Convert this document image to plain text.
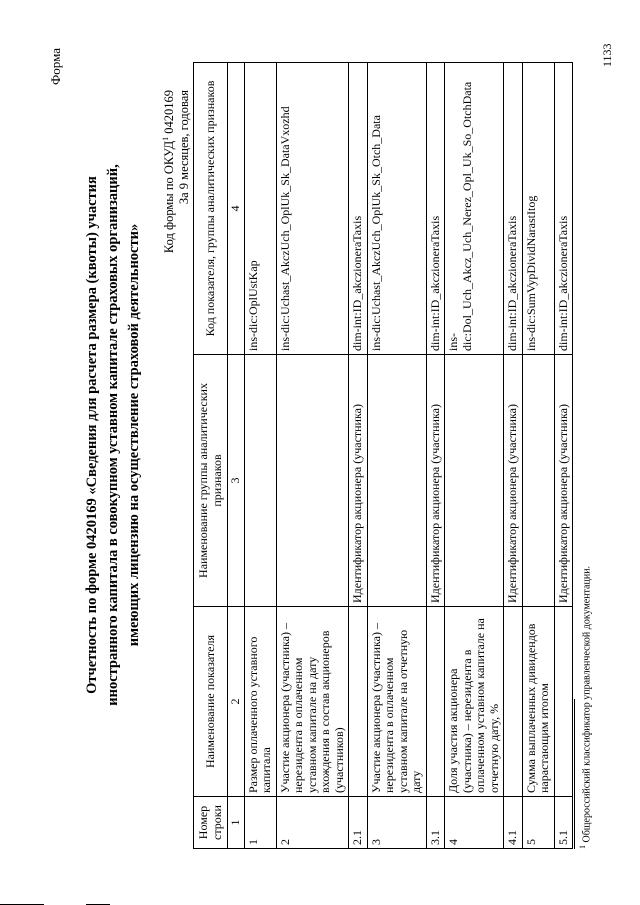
Форма
Отчетность по форме 0420169 «Сведения для расчета размера (квоты) участия иностранного капитала в совокупном уставном капитале страховых организаций, имеющих лицензию на осуществление страховой деятельности»
Код формы по ОКУД$^1$ 0420169 За 9 месяцев, годовая
Номер строки	Наименование показателя	Наименование группы аналитических признаков	Код показателя, группы аналитических признаков
1	2	3	4
1	Размер оплаченного уставного капитала		ins-dic:OplUstKap
2	Участие акционера (участника) – нерезидента в оплаченном уставном капитале на дату вхождения в состав акционеров (участников)		ins-dic:Uchast_AkczUch_OplUk_Sk_DataVxozhd
2.1		Идентификатор акционера (участника)	dim-int:ID_akczioneraTaxis
3	Участие акционера (участника) – нерезидента в оплаченном уставном капитале на отчетную дату		ins-dic:Uchast_AkczUch_OplUk_Sk_Otch_Data
3.1		Идентификатор акционера (участника)	dim-int:ID_akczioneraTaxis
4	Доля участия акционера (участника) – нерезидента в оплаченном уставном капитале на отчетную дату, %		ins-dic:Dol_Uch_Akcz_Uch_Nerez_Opl_Uk_So_OtchData
4.1		Идентификатор акционера (участника)	dim-int:ID_akczioneraTaxis
5	Сумма выплаченных дивидендов нарастающим итогом		ins-dic:SumVypDividNarastItog
5.1		Идентификатор акционера (участника)	dim-int:ID_akczioneraTaxis
$^1$ Общероссийский классификатор управленческой документации.
1133
